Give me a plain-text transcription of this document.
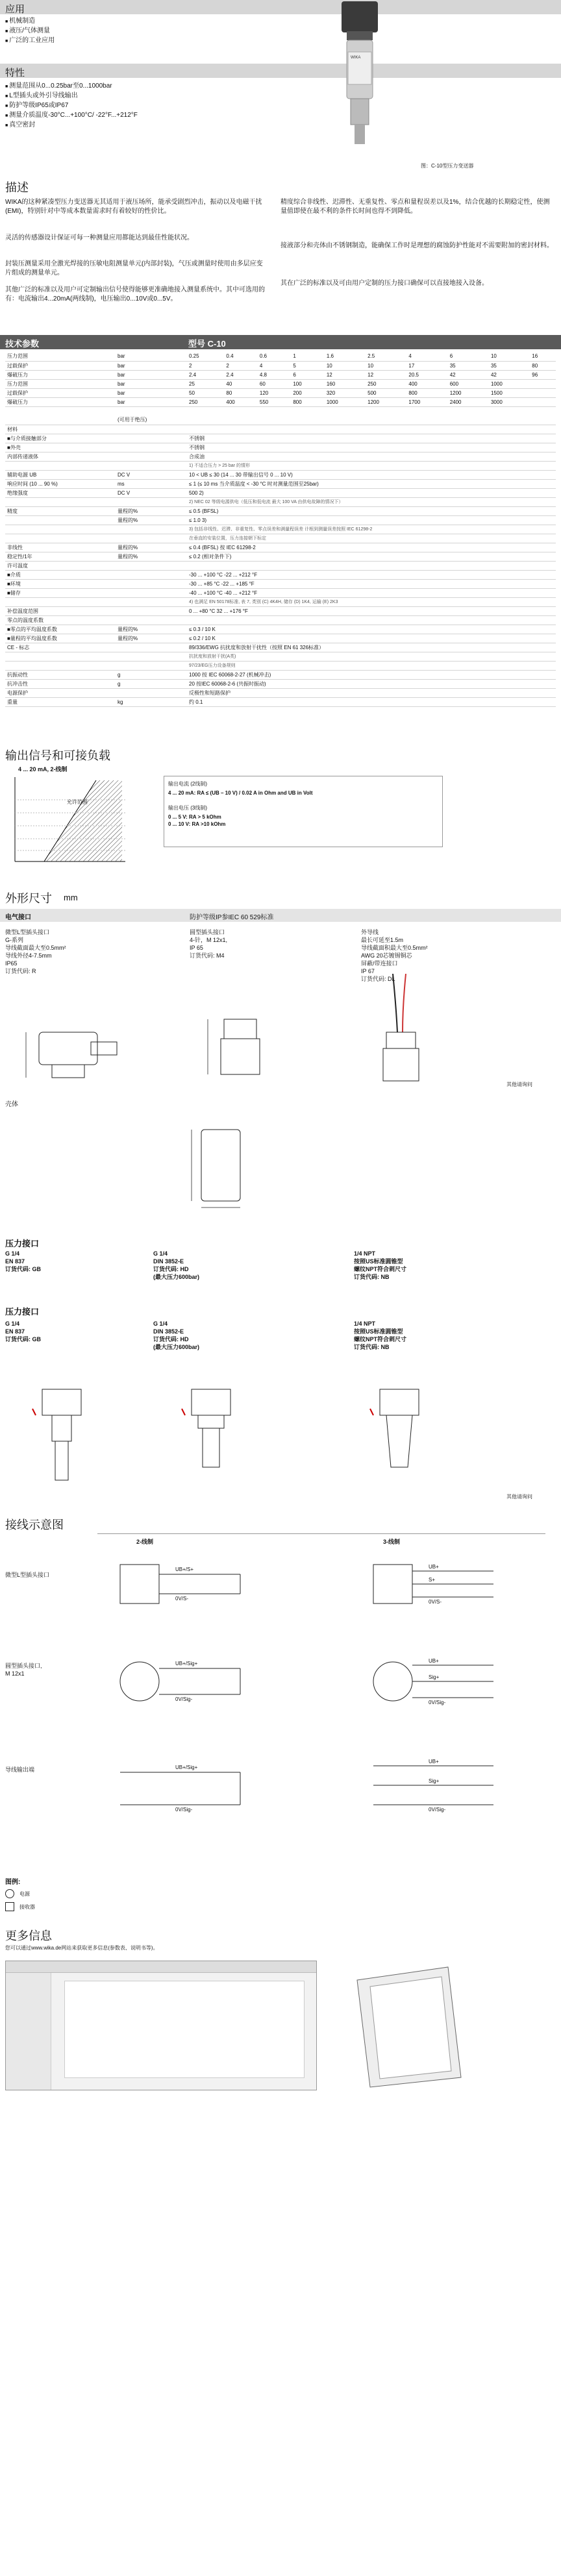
应用
■ 机械制造
■ 液压/气体测量
■ 广泛的工业应用
特性
■ 测量范围从0...0.25bar至0...1000bar
■ L型插头或外引导线输出
■ 防护等级IP65或IP67
■ 测量介质温度-30°C...+100°C/ -22°F...+212°F
■ 真空密封
WIKA
图：C-10型压力变送器
描述
WIKA的这种紧凑型压力变送器无其适用于液压场所，能承受剧烈冲击，振动以及电磁干扰(EMI)，特别针对中等成本数量需求时有着较好的性价比。
灵活的传感器设计保证可每一种测量应用都能达到最佳性能状况。
封装压测量采用全激光焊接的压敏电阻测量单元(内部封装)，气压或测量时使用由多层应变片组成的测量单元。
其他广泛的标准以及用户可定制输出信号使得能够更准确地接入测量系统中。其中可选用的有：电流输出4...20mA(两线制)，电压输出0...10V或0...5V。
精度综合非线性、迟滞性、无重复性、零点和量程误差以及1%，结合优越的长期稳定性，使测量值即使在最不利的条件长时间也得不到降低。
接液部分和壳体由不锈钢制造，能确保工作时是理想的腐蚀防护性能对不需要附加的密封材料。
其在广泛的标准以及可由用户定制的压力接口确保可以直接地接入设备。
技术参数	型号 C-10
压力范围	bar	0.25	0.4	0.6	1	1.6	2.5	4	6	10	16
过载保护	bar	2	2	4	5	10	10	17	35	35	80
爆破压力	bar	2.4	2.4	4.8	6	12	12	20.5	42	42	96
压力范围	bar	25	40	60	100	160	250	400	600	1000	
过载保护	bar	50	80	120	200	320	500	800	1200	1500	
爆破压力	bar	250	400	550	800	1000	1200	1700	2400	3000	
	(可用于绝压)	
材料		
■与介质接触部分		不锈钢
■外壳		不锈钢
内部传递液体		合成油
		1) 不适合压力 > 25 bar 的情形
辅助电源 UB	DC V	10 < UB ≤ 30 (14 ... 30 带输出信号 0 ... 10 V)
响应时间 (10 ... 90 %)	ms	≤ 1 (≤ 10 ms 当介质温度 < -30 °C 时对测量范围至25bar)
绝缘强度	DC V	500 2)
		2) NEC 02 等级电源供电（低压和低电流 最大 100 VA 由供电故障的情况下）
精度	量程的%	≤ 0.5 (BFSL)
	量程的%	≤ 1.0 3)
		3) 包括非线性、迟滞、非重复性、零点误差和满量程误差 计根到测量误差按照 IEC 61298-2
		在垂直的安装位置，压力连接朝下标定
非线性	量程的%	≤ 0.4 (BFSL) 按 IEC 61298-2
稳定性/1年	量程的%	≤ 0.2 (相对条件下)
许可温度		
■介质		-30 ... +100 °C -22 ... +212 °F
■环境		-30 ... +85 °C -22 ... +185 °F
■储存		-40 ... +100 °C -40 ... +212 °F
		4) 也满足 EN 50178标准, 表 7, 类别 (C) 4K4H, 储存 (D) 1K4, 运输 (E) 2K3
补偿温度范围		0 ... +80 °C 32 ... +176 °F
零点的温度系数		
■零点的平均温度系数	量程的%	≤ 0.3 / 10 K
■量程的平均温度系数	量程的%	≤ 0.2 / 10 K
CE - 标志		89/336/EWG 抗扰度和放射干扰性（按照 EN 61 326标准）
		抗扰度和放射干扰(A类)
		97/23/EG压力设备规则
抗振动性	g	1000 按 IEC 60068-2-27 (机械冲击)
抗冲击性	g	20 按IEC 60068-2-6 (共振时振动)
电源保护		反极性和短路保护
重量	kg	约 0.1
输出信号和可接负载
4 ... 20 mA, 2-线制
允许范围
输出电流 (2线制)
4 ... 20 mA: RA ≤ (UB – 10 V) / 0.02 A in Ohm and UB in Volt
输出电压 (3线制)
0 ... 5 V: RA > 5 kOhm
0 ... 10 V: RA >10 kOhm
外形尺寸 mm
电气接口	防护等级IP参IEC 60 529标准
微型L型插头接口
G-系列
导线截面最大至0.5mm²
导线外径4-7.5mm
IP65
订货代码: R
圆型插头接口
4-针，M 12x1,
IP 65
订货代码: M4
外导线
最长可延至1.5m
导线截面积最大至0.5mm²
AWG 20芯镀锡铜芯
屏蔽/带连接口
IP 67
订货代码: DL
其他请询问
壳体
压力接口
G 1/4
EN 837
订货代码: GB
G 1/4
DIN 3852-E
订货代码: HD
(最大压力600bar)
1/4 NPT
按照US标准圆锥型
螺纹NPT符合刺尺寸
订货代码: NB
压力接口
G 1/4
EN 837
订货代码: GB
G 1/4
DIN 3852-E
订货代码: HD
(最大压力600bar)
1/4 NPT
按照US标准圆锥型
螺纹NPT符合刺尺寸
订货代码: NB
其他请询问
接线示意图
2-线制	3-线制
微型L型插头接口
圆型插头接口,
M 12x1
导线输出端
UB+/S+
0V/S-
UB+/Sig+
0V/Sig-
UB+/Sig+
0V/Sig-
UB+
S+
0V/S-
UB+
Sig+
0V/Sig-
UB+
Sig+
0V/Sig-
图例:
电源
接收器
更多信息
您可以通过www.wika.de网站来获取更多信息(参数表、说明书等)。
